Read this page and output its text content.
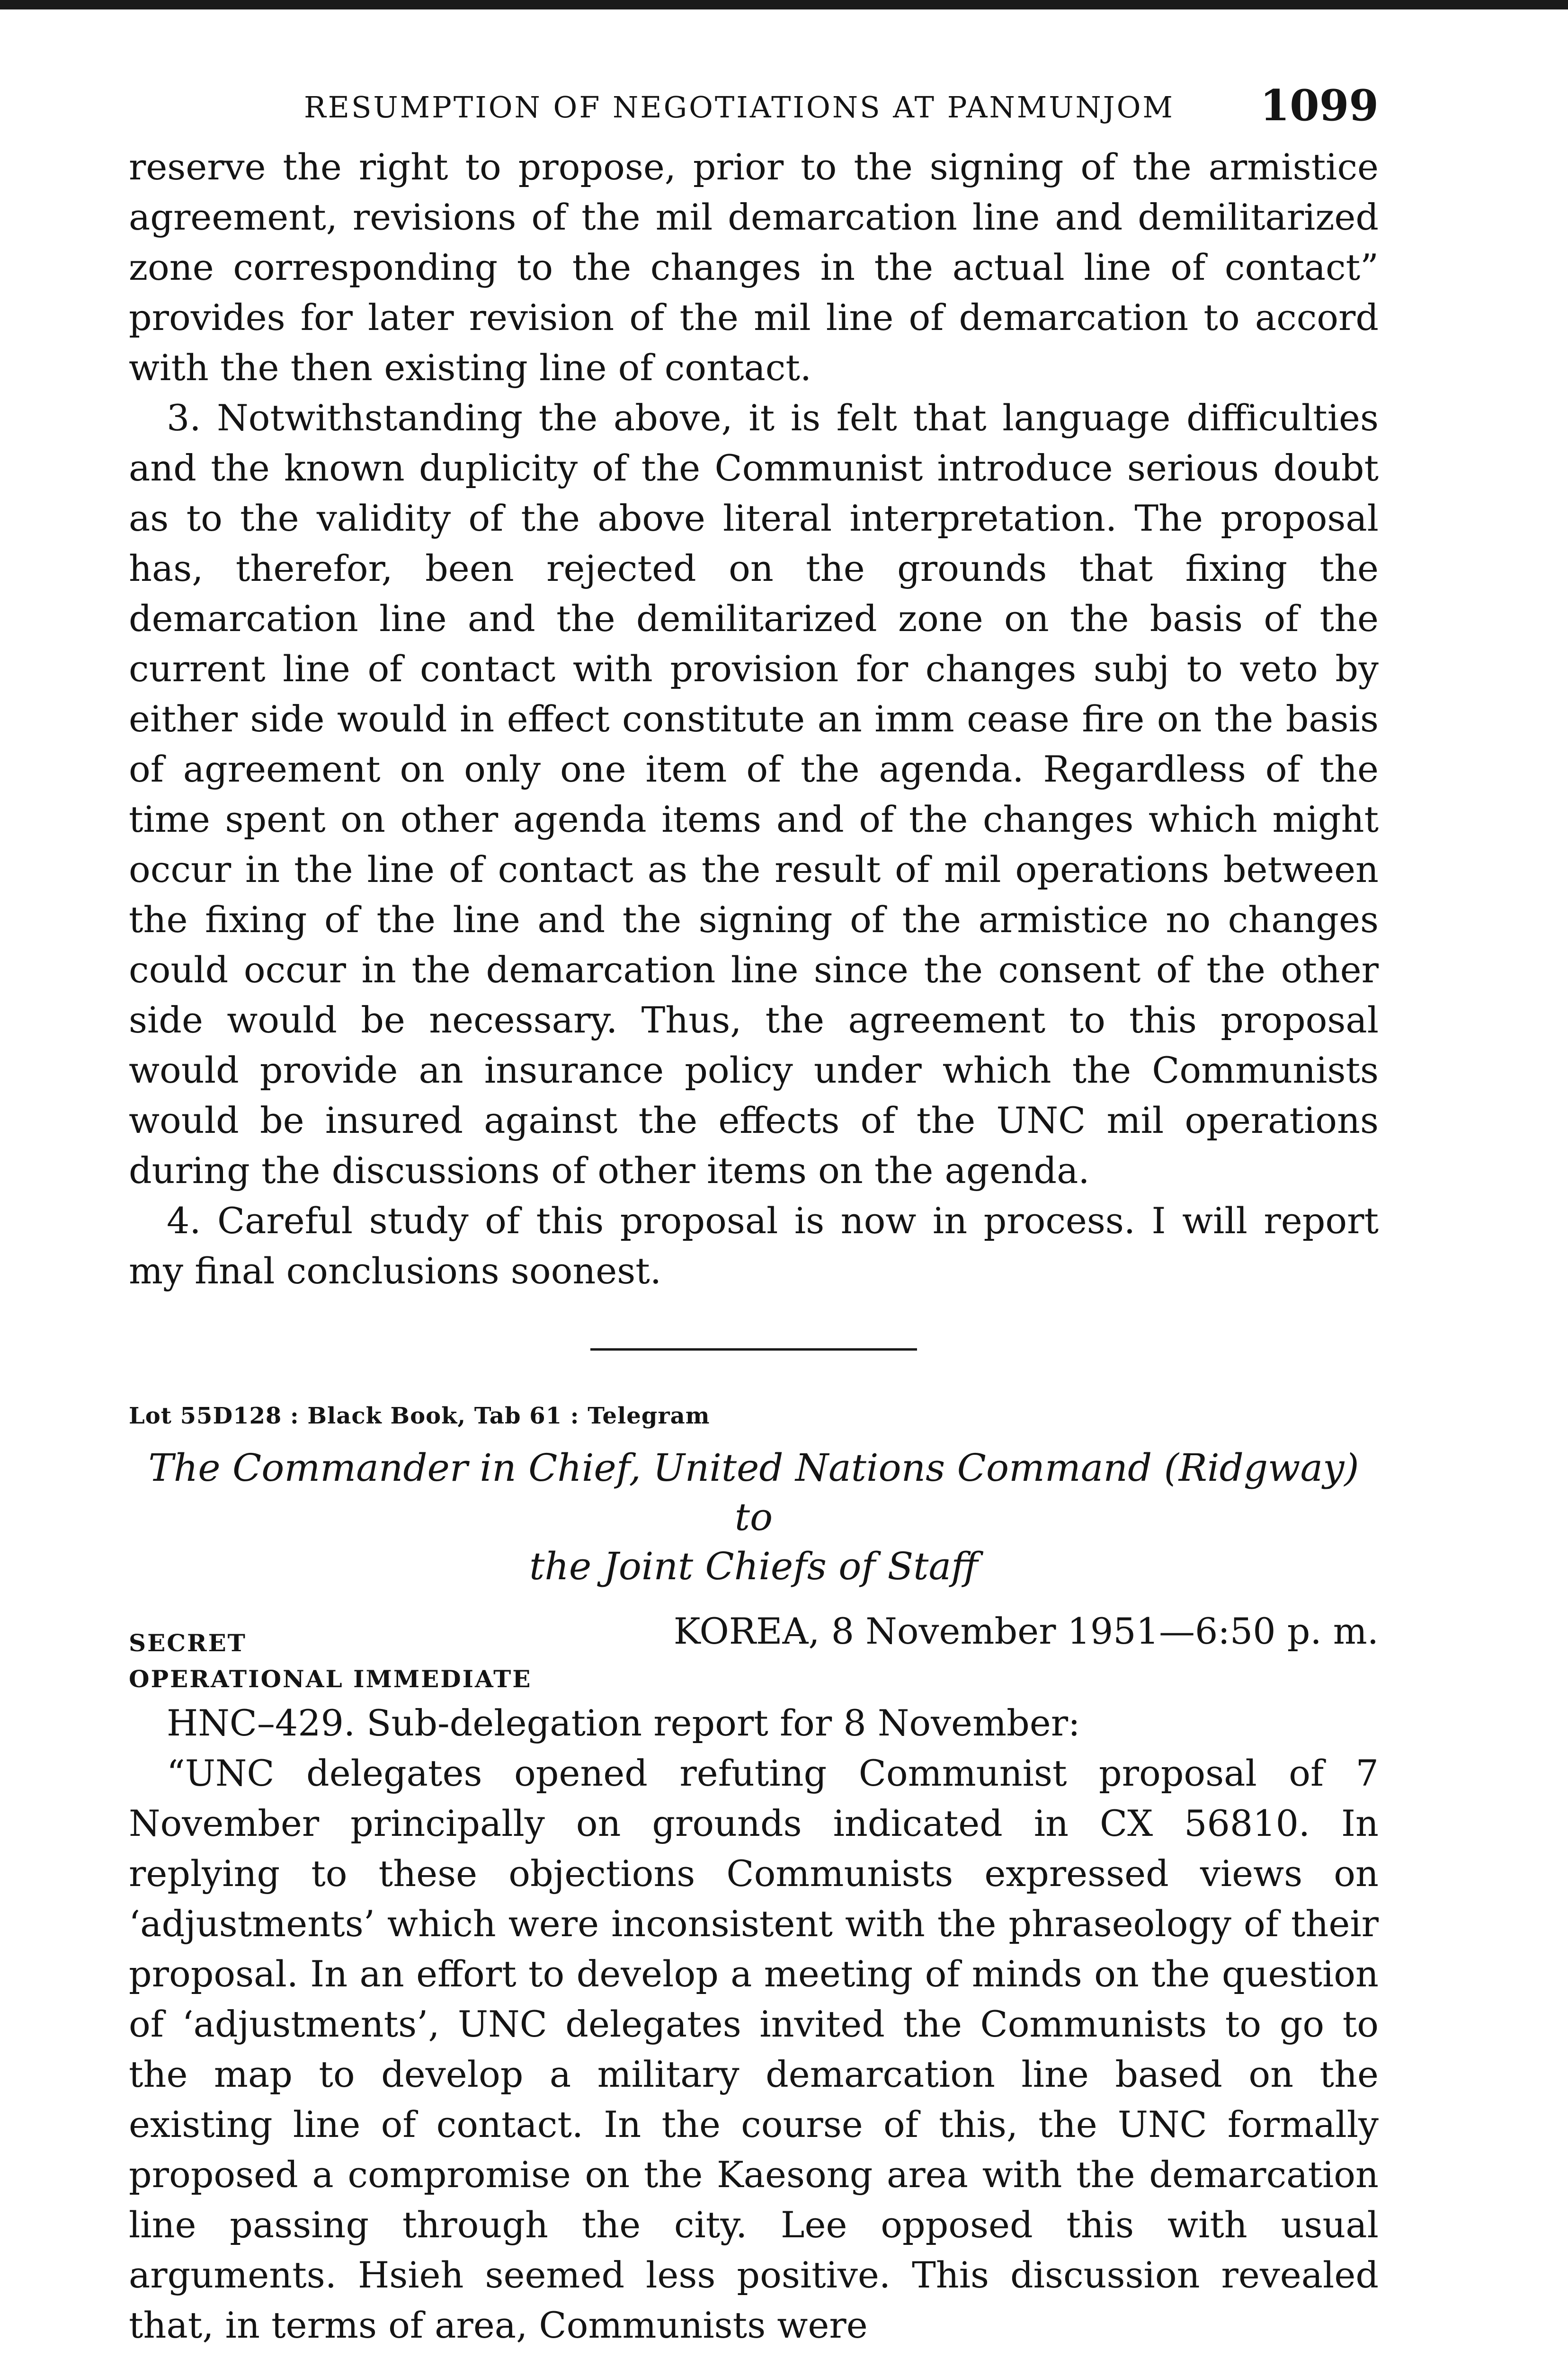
RESUMPTION OF NEGOTIATIONS AT PANMUNJOM 1099

reserve the right to propose, prior to the signing of the armistice agreement, revisions of the mil demarcation line and demilitarized zone corresponding to the changes in the actual line of contact” provides for later revision of the mil line of demarcation to accord with the then existing line of contact.

3. Notwithstanding the above, it is felt that language difficulties and the known duplicity of the Communist introduce serious doubt as to the validity of the above literal interpretation. The proposal has, therefor, been rejected on the grounds that fixing the demarcation line and the demilitarized zone on the basis of the current line of contact with provision for changes subj to veto by either side would in effect constitute an imm cease fire on the basis of agreement on only one item of the agenda. Regardless of the time spent on other agenda items and of the changes which might occur in the line of contact as the result of mil operations between the fixing of the line and the signing of the armistice no changes could occur in the demarcation line since the consent of the other side would be necessary. Thus, the agreement to this proposal would provide an insurance policy under which the Communists would be insured against the effects of the UNC mil operations during the discussions of other items on the agenda.

4. Careful study of this proposal is now in process. I will report my final conclusions soonest.

Lot 55D128 : Black Book, Tab 61 : Telegram
The Commander in Chief, United Nations Command (Ridgway) to
the Joint Chiefs of Staff
SECRET	KOREA, 8 November 1951—6:50 p. m.
OPERATIONAL IMMEDIATE

HNC–429. Sub-delegation report for 8 November:

“UNC delegates opened refuting Communist proposal of 7 November principally on grounds indicated in CX 56810. In replying to these objections Communists expressed views on ‘adjustments’ which were inconsistent with the phraseology of their proposal. In an effort to develop a meeting of minds on the question of ‘adjustments’, UNC delegates invited the Communists to go to the map to develop a military demarcation line based on the existing line of contact. In the course of this, the UNC formally proposed a compromise on the Kaesong area with the demarcation line passing through the city. Lee opposed this with usual arguments. Hsieh seemed less positive. This discussion revealed that, in terms of area, Communists were
